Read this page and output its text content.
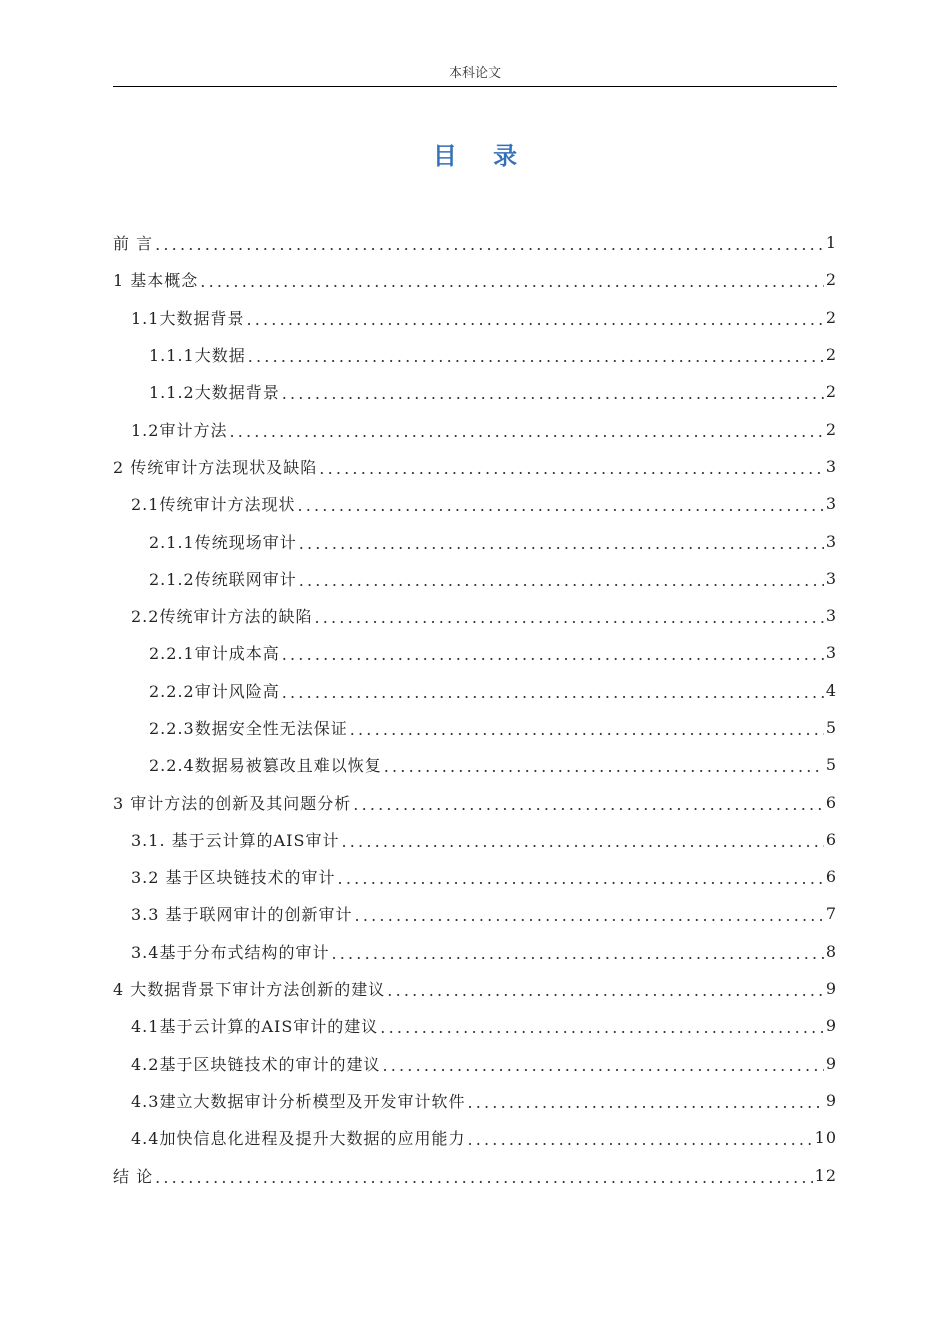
本科论文
目 录
前 言 .....	1
1 基本概念 .....	2
1.1大数据背景 .....	2
1.1.1大数据 .....	2
1.1.2大数据背景 .....	2
1.2审计方法 .....	2
2 传统审计方法现状及缺陷 .....	3
2.1传统审计方法现状 .....	3
2.1.1传统现场审计 .....	3
2.1.2传统联网审计 .....	3
2.2传统审计方法的缺陷 .....	3
2.2.1审计成本高 .....	3
2.2.2审计风险高 .....	4
2.2.3数据安全性无法保证 .....	5
2.2.4数据易被篡改且难以恢复 .....	5
3 审计方法的创新及其问题分析 .....	6
3.1. 基于云计算的AIS审计 .....	6
3.2 基于区块链技术的审计 .....	6
3.3 基于联网审计的创新审计 .....	7
3.4基于分布式结构的审计 .....	8
4 大数据背景下审计方法创新的建议 .....	9
4.1基于云计算的AIS审计的建议 .....	9
4.2基于区块链技术的审计的建议 .....	9
4.3建立大数据审计分析模型及开发审计软件 .....	9
4.4加快信息化进程及提升大数据的应用能力 .....	10
结 论 .....	12
